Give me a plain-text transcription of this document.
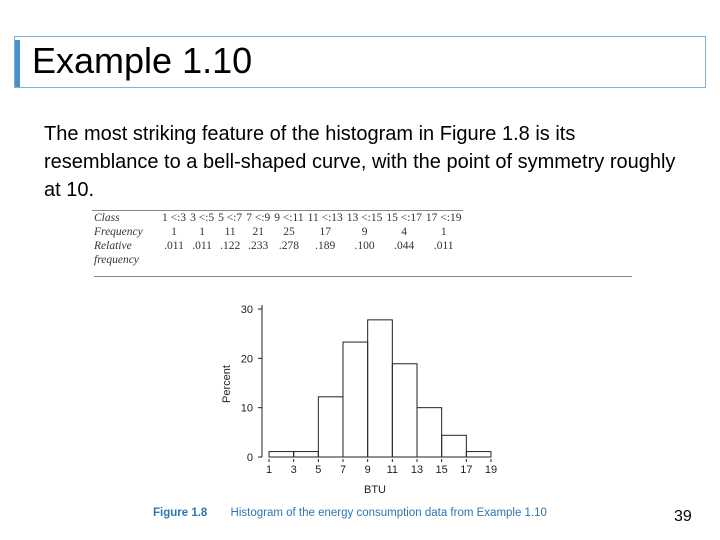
Example 1.10
The most striking feature of the histogram in Figure 1.8 is its resemblance to a bell-shaped curve, with the point of symmetry roughly at 10.
Class	1 <:3	3 <:5	5 <:7	7 <:9	9 <:11	11 <:13	13 <:15	15 <:17	17 <:19
Frequency	1	1	11	21	25	17	9	4	1
Relative	.011	.011	.122	.233	.278	.189	.100	.044	.011
frequency									
0
10
20
30
1 3 5 7 9 11 13 15 17 19
BTU
Percent
Figure 1.8 Histogram of the energy consumption data from Example 1.10	39
